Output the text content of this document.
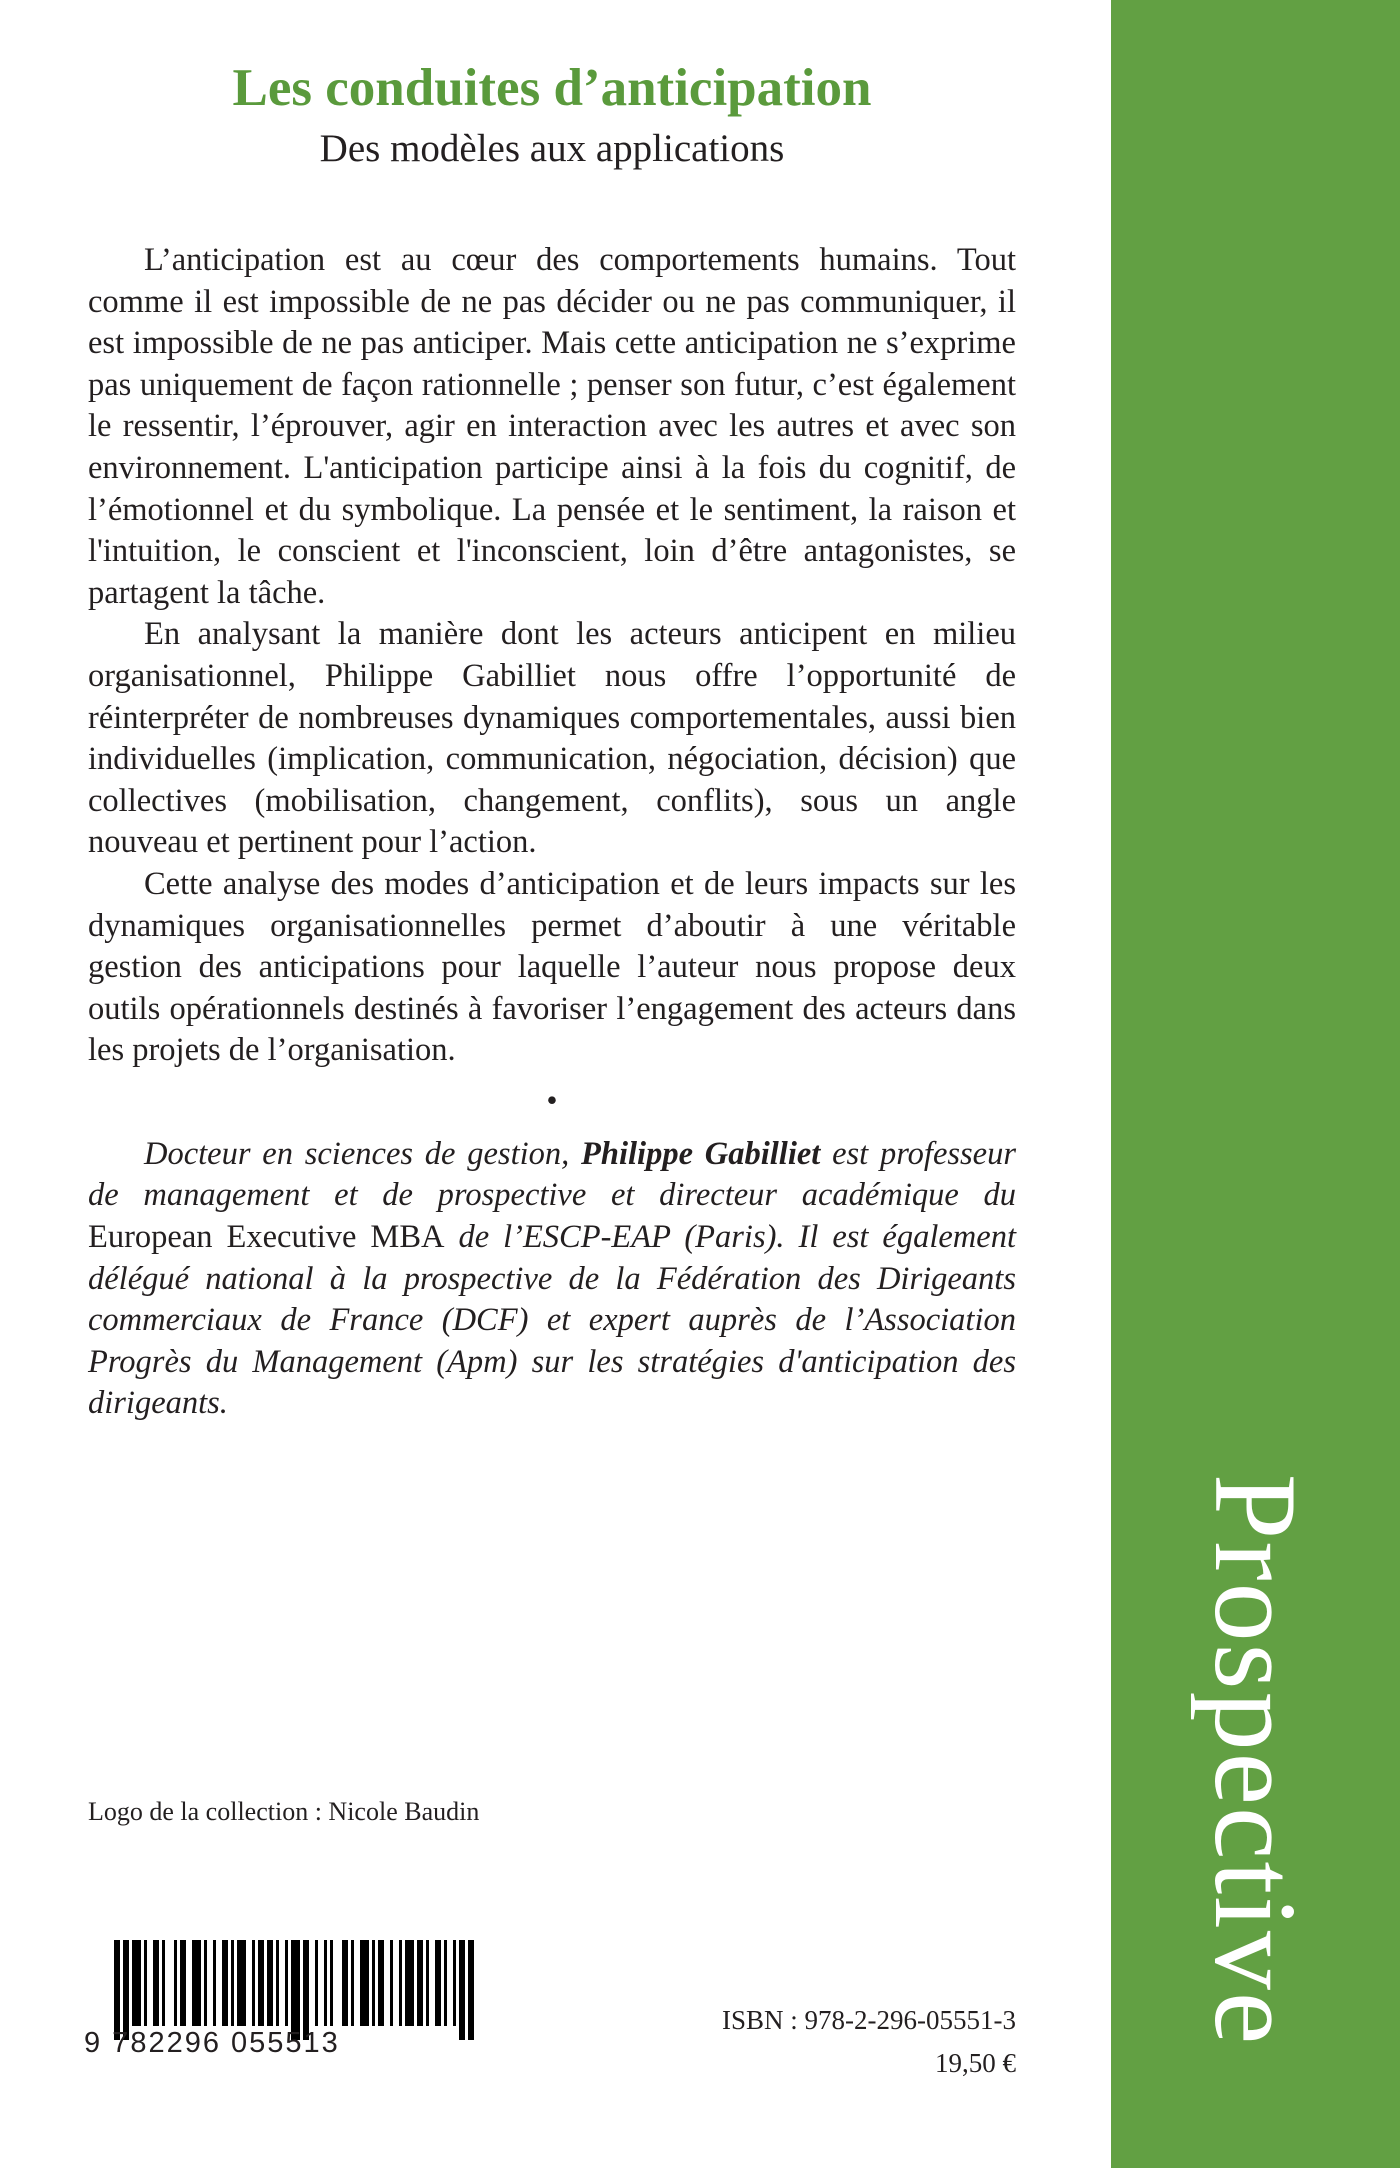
Prospective
Les conduites d’anticipation
Des modèles aux applications

L’anticipation est au cœur des comportements humains. Tout comme il est impossible de ne pas décider ou ne pas communiquer, il est impossible de ne pas anticiper. Mais cette anticipation ne s’exprime pas uniquement de façon rationnelle ; penser son futur, c’est également le ressentir, l’éprouver, agir en interaction avec les autres et avec son environnement. L'anticipation participe ainsi à la fois du cognitif, de l’émotionnel et du symbolique. La pensée et le sentiment, la raison et l'intuition, le conscient et l'inconscient, loin d’être antagonistes, se partagent la tâche.

En analysant la manière dont les acteurs anticipent en milieu organisationnel, Philippe Gabilliet nous offre l’opportunité de réinterpréter de nombreuses dynamiques comportementales, aussi bien individuelles (implication, communication, négociation, décision) que collectives (mobilisation, changement, conflits), sous un angle nouveau et pertinent pour l’action.

Cette analyse des modes d’anticipation et de leurs impacts sur les dynamiques organisationnelles permet d’aboutir à une véritable gestion des anticipations pour laquelle l’auteur nous propose deux outils opérationnels destinés à favoriser l’engagement des acteurs dans les projets de l’organisation.

•

Docteur en sciences de gestion, Philippe Gabilliet est professeur de management et de prospective et directeur académique du European Executive MBA de l’ESCP-EAP (Paris). Il est également délégué national à la prospective de la Fédération des Dirigeants commerciaux de France (DCF) et expert auprès de l’Association Progrès du Management (Apm) sur les stratégies d'anticipation des dirigeants.

Logo de la collection : Nicole Baudin
9 782296 055513
ISBN : 978-2-296-05551-3
19,50 €
